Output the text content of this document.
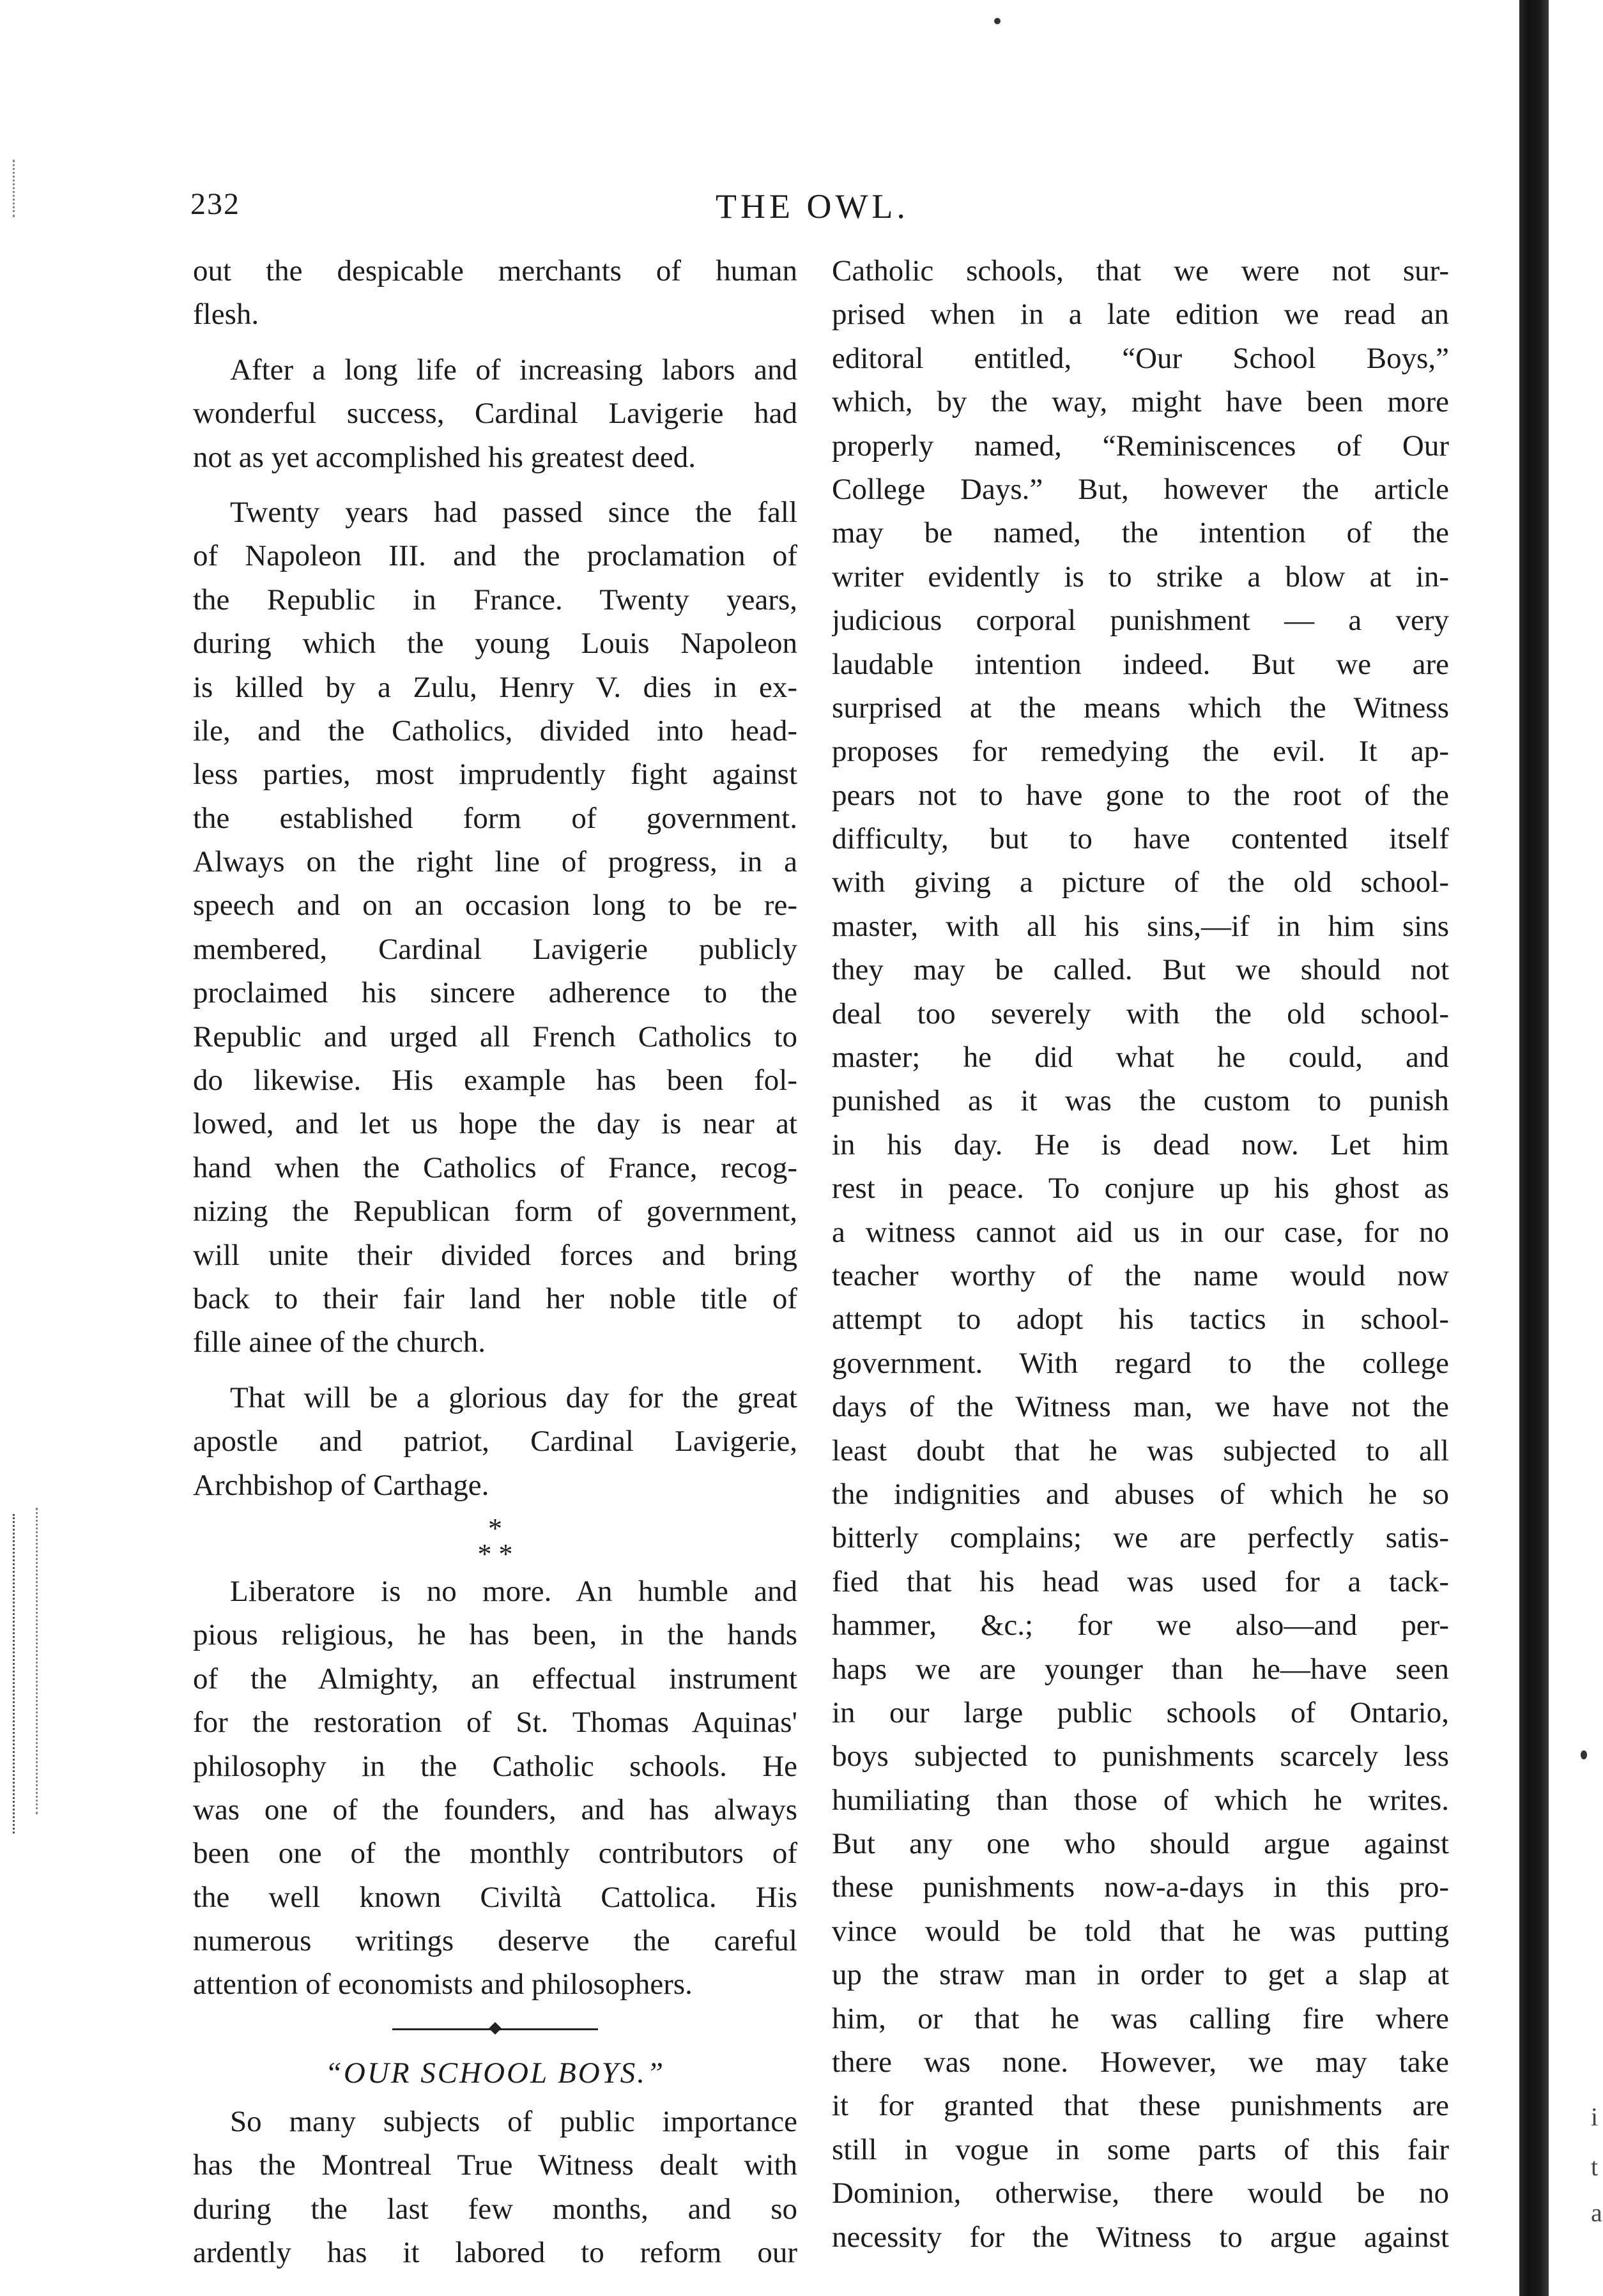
232	THE OWL.
out the despicable merchants of human
flesh.
After a long life of increasing labors and
wonderful success, Cardinal Lavigerie had
not as yet accomplished his greatest deed.
Twenty years had passed since the fall
of Napoleon III. and the proclamation of
the Republic in France. Twenty years,
during which the young Louis Napoleon
is killed by a Zulu, Henry V. dies in ex-
ile, and the Catholics, divided into head-
less parties, most imprudently fight against
the established form of government.
Always on the right line of progress, in a
speech and on an occasion long to be re-
membered, Cardinal Lavigerie publicly
proclaimed his sincere adherence to the
Republic and urged all French Catholics to
do likewise. His example has been fol-
lowed, and let us hope the day is near at
hand when the Catholics of France, recog-
nizing the Republican form of government,
will unite their divided forces and bring
back to their fair land her noble title of
fille ainee of the church.
That will be a glorious day for the great
apostle and patriot, Cardinal Lavigerie,
Archbishop of Carthage.
*
* *
Liberatore is no more. An humble and
pious religious, he has been, in the hands
of the Almighty, an effectual instrument
for the restoration of St. Thomas Aquinas'
philosophy in the Catholic schools. He
was one of the founders, and has always
been one of the monthly contributors of
the well known Civiltà Cattolica. His
numerous writings deserve the careful
attention of economists and philosophers.
“OUR SCHOOL BOYS.”
So many subjects of public importance
has the Montreal True Witness dealt with
during the last few months, and so
ardently has it labored to reform our
Catholic schools, that we were not sur-
prised when in a late edition we read an
editoral entitled, “Our School Boys,”
which, by the way, might have been more
properly named, “Reminiscences of Our
College Days.” But, however the article
may be named, the intention of the
writer evidently is to strike a blow at in-
judicious corporal punishment — a very
laudable intention indeed. But we are
surprised at the means which the Witness
proposes for remedying the evil. It ap-
pears not to have gone to the root of the
difficulty, but to have contented itself
with giving a picture of the old school-
master, with all his sins,—if in him sins
they may be called. But we should not
deal too severely with the old school-
master; he did what he could, and
punished as it was the custom to punish
in his day. He is dead now. Let him
rest in peace. To conjure up his ghost as
a witness cannot aid us in our case, for no
teacher worthy of the name would now
attempt to adopt his tactics in school-
government. With regard to the college
days of the Witness man, we have not the
least doubt that he was subjected to all
the indignities and abuses of which he so
bitterly complains; we are perfectly satis-
fied that his head was used for a tack-
hammer, &c.; for we also—and per-
haps we are younger than he—have seen
in our large public schools of Ontario,
boys subjected to punishments scarcely less
humiliating than those of which he writes.
But any one who should argue against
these punishments now-a-days in this pro-
vince would be told that he was putting
up the straw man in order to get a slap at
him, or that he was calling fire where
there was none. However, we may take
it for granted that these punishments are
still in vogue in some parts of this fair
Dominion, otherwise, there would be no
necessity for the Witness to argue against
i
t
a
